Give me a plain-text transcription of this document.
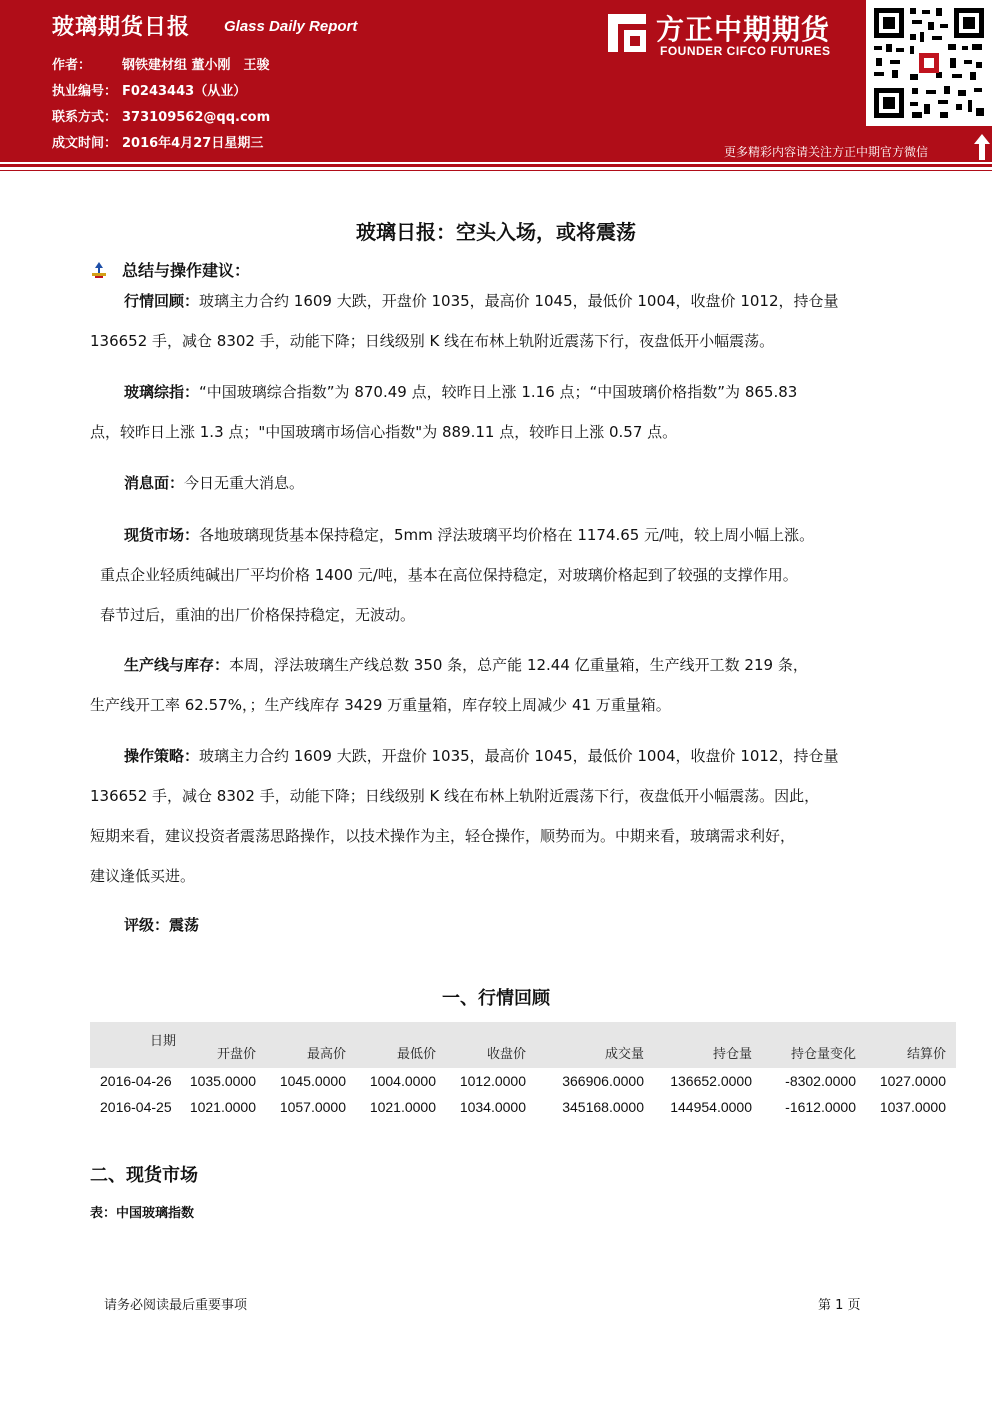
玻璃期货日报 Glass Daily Report
作者： 钢铁建材组 董小刚　王骏
执业编号： F0243443（从业）
联系方式： 373109562@qq.com
成文时间： 2016年4月27日星期三
方正中期期货
FOUNDER CIFCO FUTURES
更多精彩内容请关注方正中期官方微信
玻璃日报：空头入场，或将震荡
总结与操作建议：
行情回顾：玻璃主力合约 1609 大跌，开盘价 1035，最高价 1045，最低价 1004，收盘价 1012，持仓量
136652 手，减仓 8302 手，动能下降；日线级别 K 线在布林上轨附近震荡下行，夜盘低开小幅震荡。
玻璃综指：“中国玻璃综合指数”为 870.49 点，较昨日上涨 1.16 点；“中国玻璃价格指数”为 865.83
点，较昨日上涨 1.3 点；"中国玻璃市场信心指数"为 889.11 点，较昨日上涨 0.57 点。
消息面：今日无重大消息。
现货市场：各地玻璃现货基本保持稳定，5mm 浮法玻璃平均价格在 1174.65 元/吨，较上周小幅上涨。
重点企业轻质纯碱出厂平均价格 1400 元/吨，基本在高位保持稳定，对玻璃价格起到了较强的支撑作用。
春节过后，重油的出厂价格保持稳定，无波动。
生产线与库存：本周，浮法玻璃生产线总数 350 条，总产能 12.44 亿重量箱，生产线开工数 219 条，
生产线开工率 62.57%，；生产线库存 3429 万重量箱，库存较上周减少 41 万重量箱。
操作策略：玻璃主力合约 1609 大跌，开盘价 1035，最高价 1045，最低价 1004，收盘价 1012，持仓量
136652 手，减仓 8302 手，动能下降；日线级别 K 线在布林上轨附近震荡下行，夜盘低开小幅震荡。因此，
短期来看，建议投资者震荡思路操作，以技术操作为主，轻仓操作，顺势而为。中期来看，玻璃需求利好，
建议逢低买进。
评级：震荡
一、行情回顾
日期	开盘价	最高价	最低价	收盘价	成交量	持仓量	持仓量变化	结算价
2016-04-26	1035.0000	1045.0000	1004.0000	1012.0000	366906.0000	136652.0000	-8302.0000	1027.0000
2016-04-25	1021.0000	1057.0000	1021.0000	1034.0000	345168.0000	144954.0000	-1612.0000	1037.0000
二、现货市场
表：中国玻璃指数
请务必阅读最后重要事项	第 1 页
